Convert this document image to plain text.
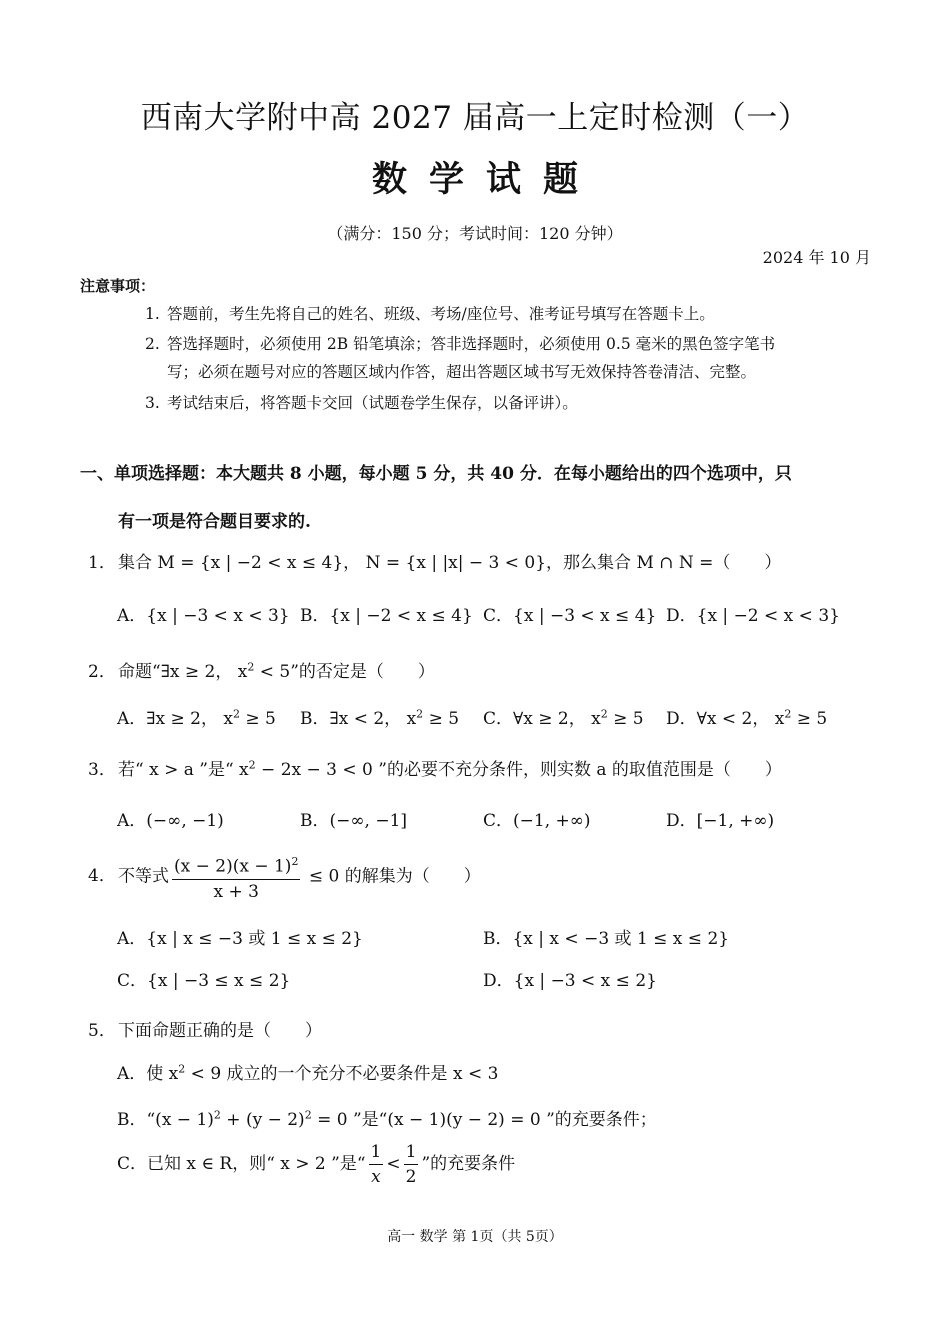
西南大学附中高 2027 届高一上定时检测（一）
数学试题
（满分：150 分；考试时间：120 分钟）
2024 年 10 月
注意事项：
1. 答题前，考生先将自己的姓名、班级、考场/座位号、准考证号填写在答题卡上。
2. 答选择题时，必须使用 2B 铅笔填涂；答非选择题时，必须使用 0.5 毫米的黑色签字笔书
写；必须在题号对应的答题区域内作答，超出答题区域书写无效保持答卷清洁、完整。
3. 考试结束后，将答题卡交回（试题卷学生保存，以备评讲）。
一、单项选择题：本大题共 8 小题，每小题 5 分，共 40 分．在每小题给出的四个选项中，只
有一项是符合题目要求的.
1． 集合 M = {x | −2 < x ≤ 4}， N = {x | |x| − 3 < 0}，那么集合 M ∩ N =（　　）
A．{x | −3 < x < 3} B．{x | −2 < x ≤ 4} C．{x | −3 < x ≤ 4} D．{x | −2 < x < 3}
2． 命题“∃x ≥ 2， $x^2 < 5$”的否定是（　　）
A．∃x ≥ 2， $x^2 \ge 5$ B．∃x < 2， $x^2 \ge 5$ C．∀x ≥ 2， $x^2 \ge 5$ D．∀x < 2， $x^2 \ge 5$
3． 若“ x > a ”是“ $x^2 - 2x - 3 < 0$ ”的必要不充分条件，则实数 a 的取值范围是（　　）
A．(−∞, −1)	B．(−∞, −1]	C．(−1, +∞)	D．[−1, +∞)
4． 不等式 $\frac{(x - 2)(x - 1)^2}{x + 3} \le 0$ 的解集为（　　）
A．{x | x ≤ −3 或 1 ≤ x ≤ 2}	B．{x | x < −3 或 1 ≤ x ≤ 2}
C．{x | −3 ≤ x ≤ 2}	D．{x | −3 < x ≤ 2}
5． 下面命题正确的是（　　）
A．使 $x^2 < 9$ 成立的一个充分不必要条件是 x < 3
B．“$(x - 1)^2 + (y - 2)^2 = 0$ ”是“(x − 1)(y − 2) = 0 ”的充要条件；
C．已知 x ∈ R，则“ x > 2 ”是“ $\frac{1}{x} < \frac{1}{2}$ ”的充要条件
高一 数学 第 1页（共 5页）
